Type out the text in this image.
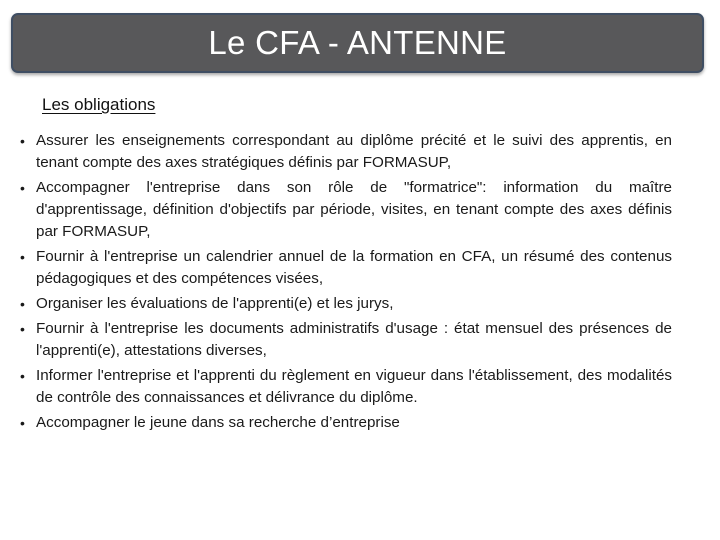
Le CFA - ANTENNE
Les obligations
• Assurer les enseignements correspondant au diplôme précité et le suivi des apprentis, en tenant compte des axes stratégiques définis par FORMASUP,
• Accompagner l'entreprise dans son rôle de "formatrice": information du maître d'apprentissage, définition d'objectifs par période, visites, en tenant compte des axes définis par FORMASUP,
• Fournir à l'entreprise un calendrier annuel de la formation en CFA, un résumé des contenus pédagogiques et des compétences visées,
• Organiser les évaluations de l'apprenti(e) et les jurys,
• Fournir à l'entreprise les documents administratifs d'usage : état mensuel des présences de l'apprenti(e), attestations diverses,
• Informer l'entreprise et l'apprenti du règlement en vigueur dans l'établissement, des modalités de contrôle des connaissances et délivrance du diplôme.
• Accompagner le jeune dans sa recherche d’entreprise
